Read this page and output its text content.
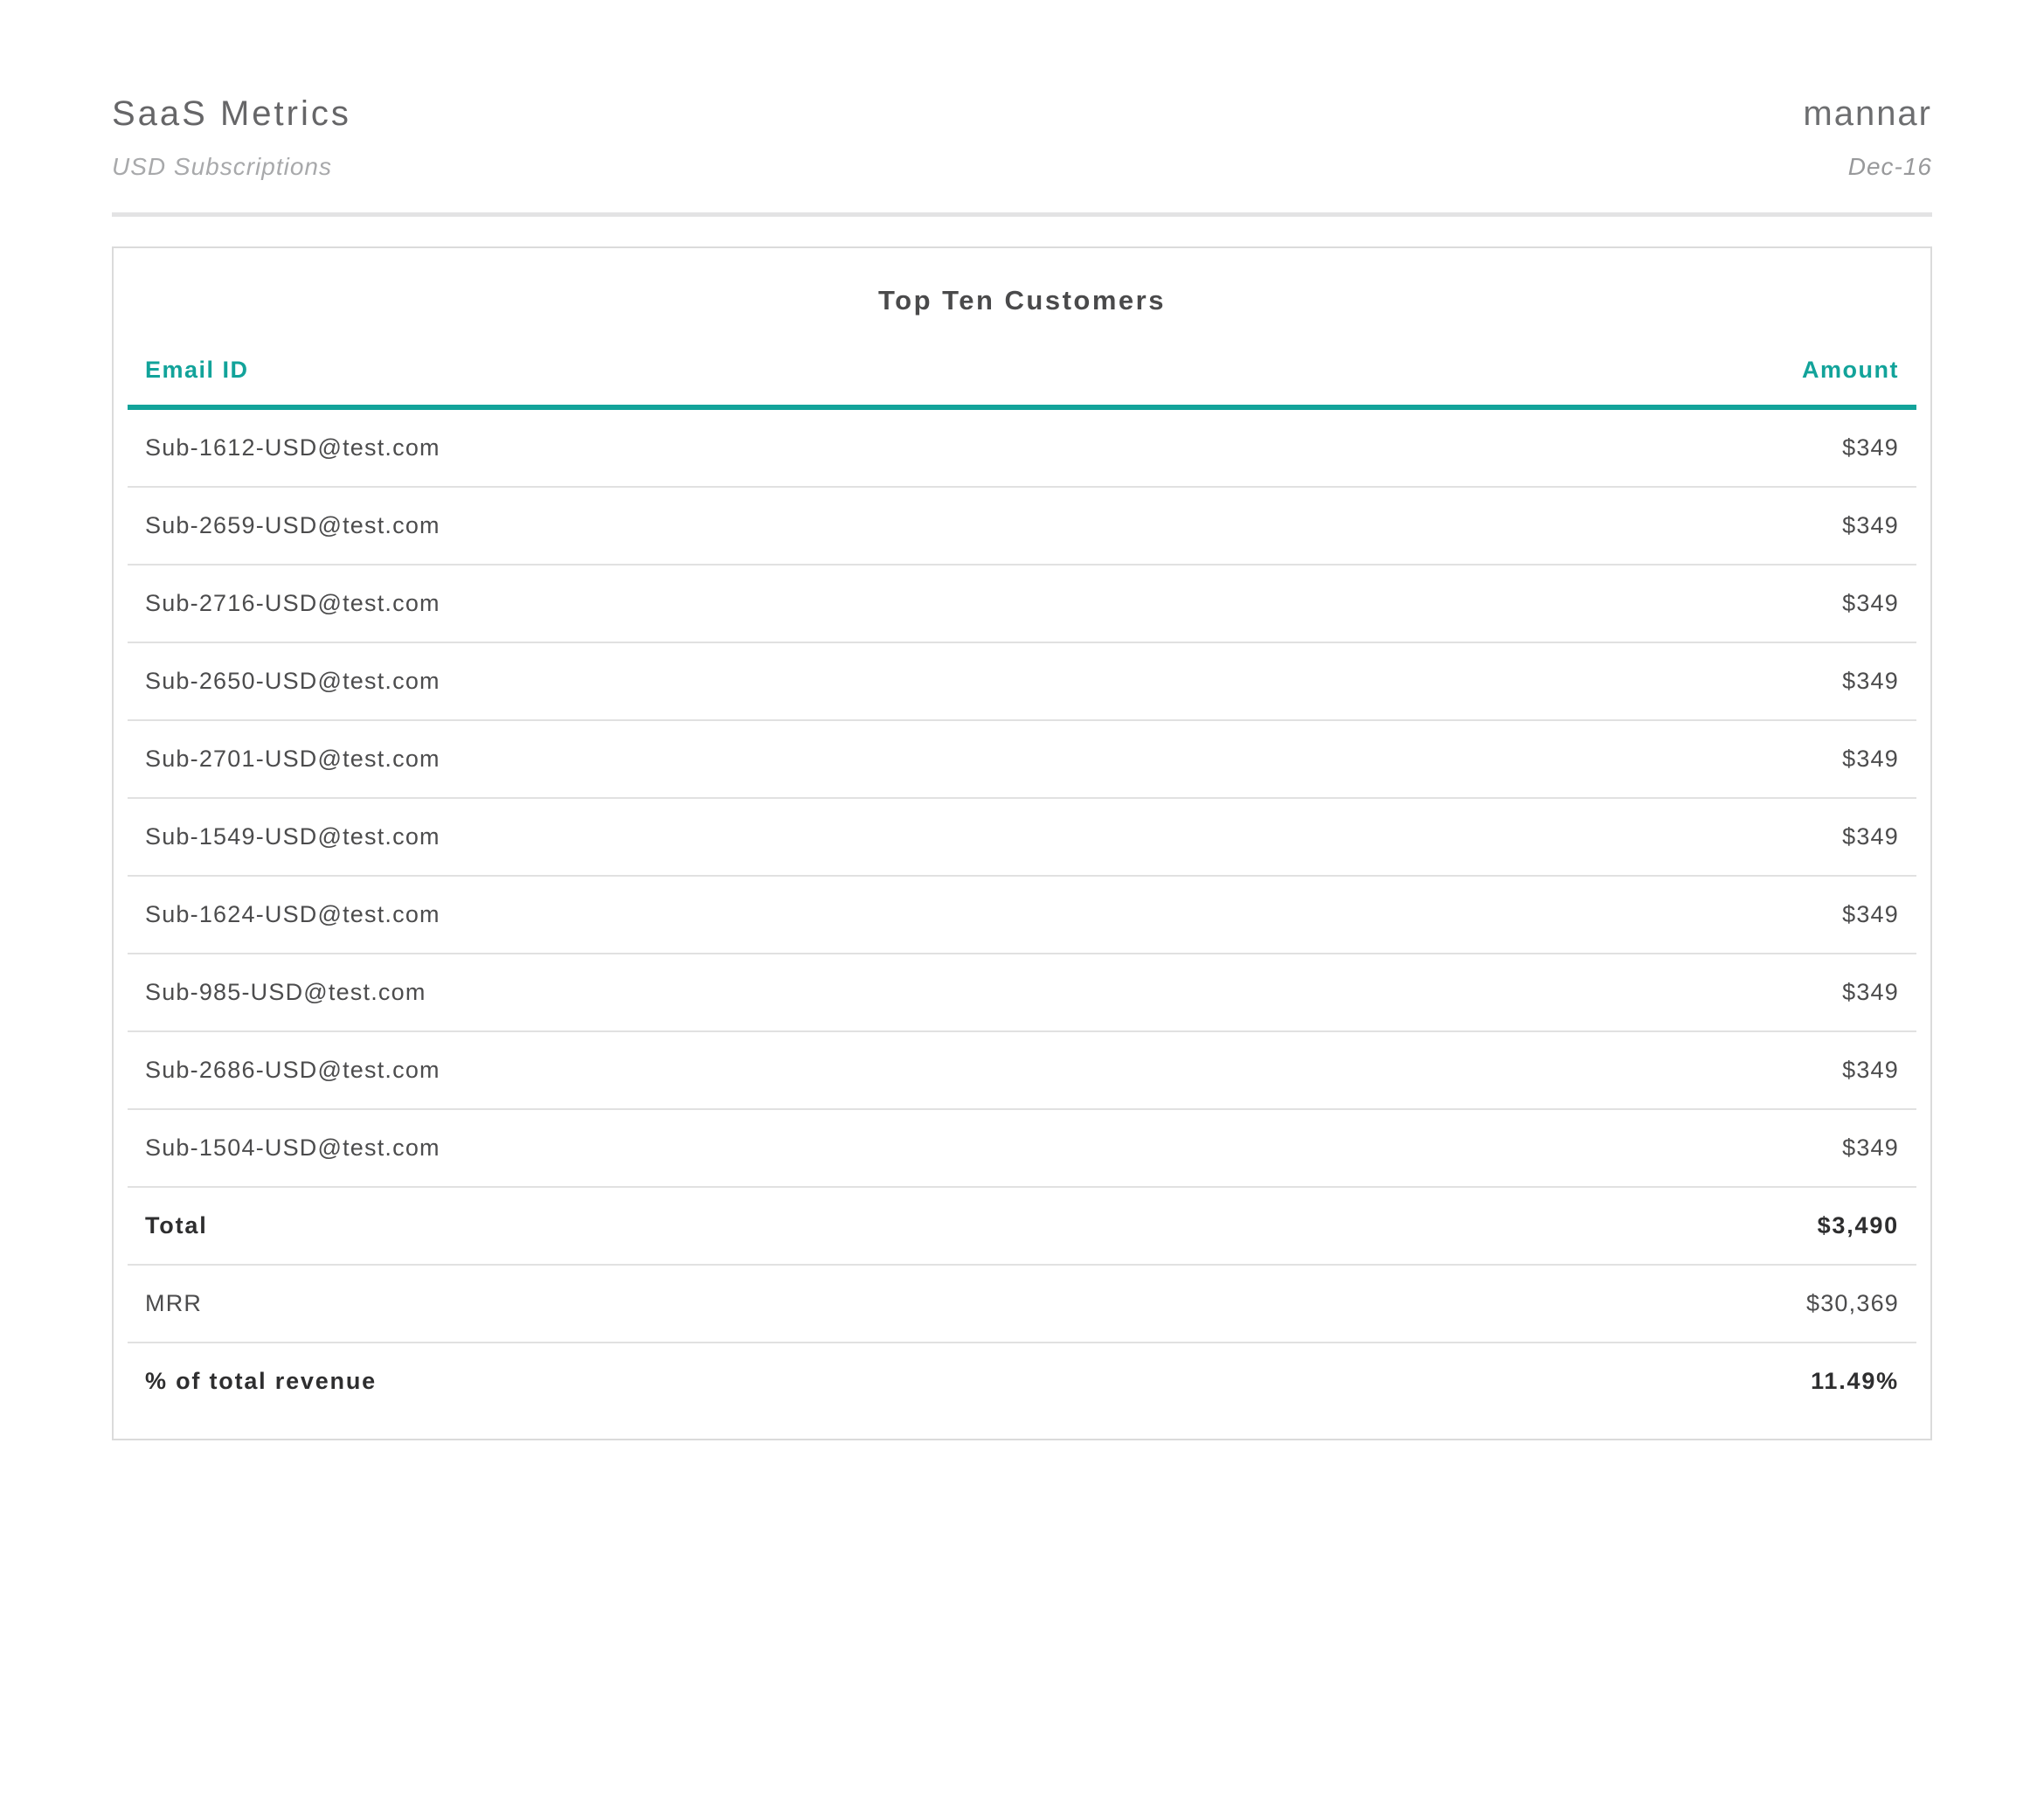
SaaS Metrics
USD Subscriptions
mannar
Dec-16
Top Ten Customers
Email ID	Amount
Sub-1612-USD@test.com	$349
Sub-2659-USD@test.com	$349
Sub-2716-USD@test.com	$349
Sub-2650-USD@test.com	$349
Sub-2701-USD@test.com	$349
Sub-1549-USD@test.com	$349
Sub-1624-USD@test.com	$349
Sub-985-USD@test.com	$349
Sub-2686-USD@test.com	$349
Sub-1504-USD@test.com	$349
Total	$3,490
MRR	$30,369
% of total revenue	11.49%
